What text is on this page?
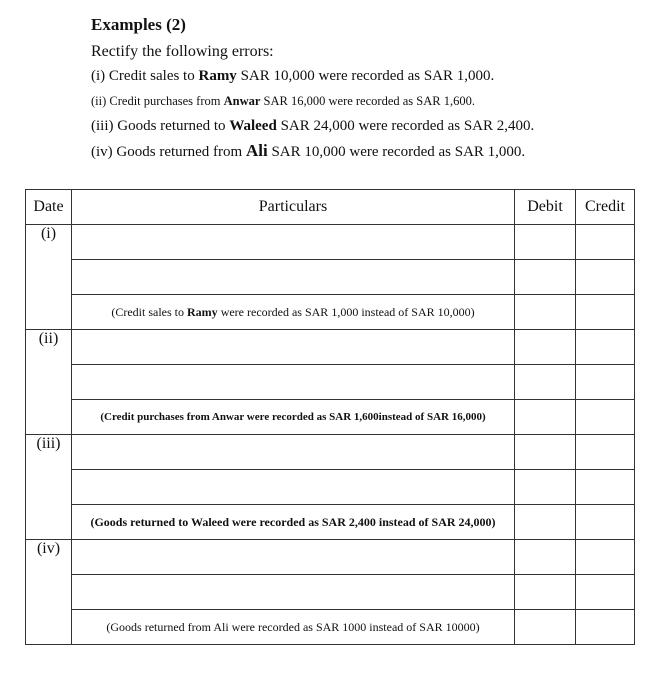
Examples (2)
Rectify the following errors:
(i) Credit sales to Ramy SAR 10,000 were recorded as SAR 1,000.
(ii) Credit purchases from Anwar SAR 16,000 were recorded as SAR 1,600.
(iii) Goods returned to Waleed SAR 24,000 were recorded as SAR 2,400.
(iv) Goods returned from Ali SAR 10,000 were recorded as SAR 1,000.
Date	Particulars	Debit	Credit
(i)			

	(Credit sales to Ramy were recorded as SAR 1,000 instead of SAR 10,000)		
(ii)			

	(Credit purchases from Anwar were recorded as SAR 1,600instead of SAR 16,000)		
(iii)			

	(Goods returned to Waleed were recorded as SAR 2,400 instead of SAR 24,000)		
(iv)			

	(Goods returned from Ali were recorded as SAR 1000 instead of SAR 10000)		
